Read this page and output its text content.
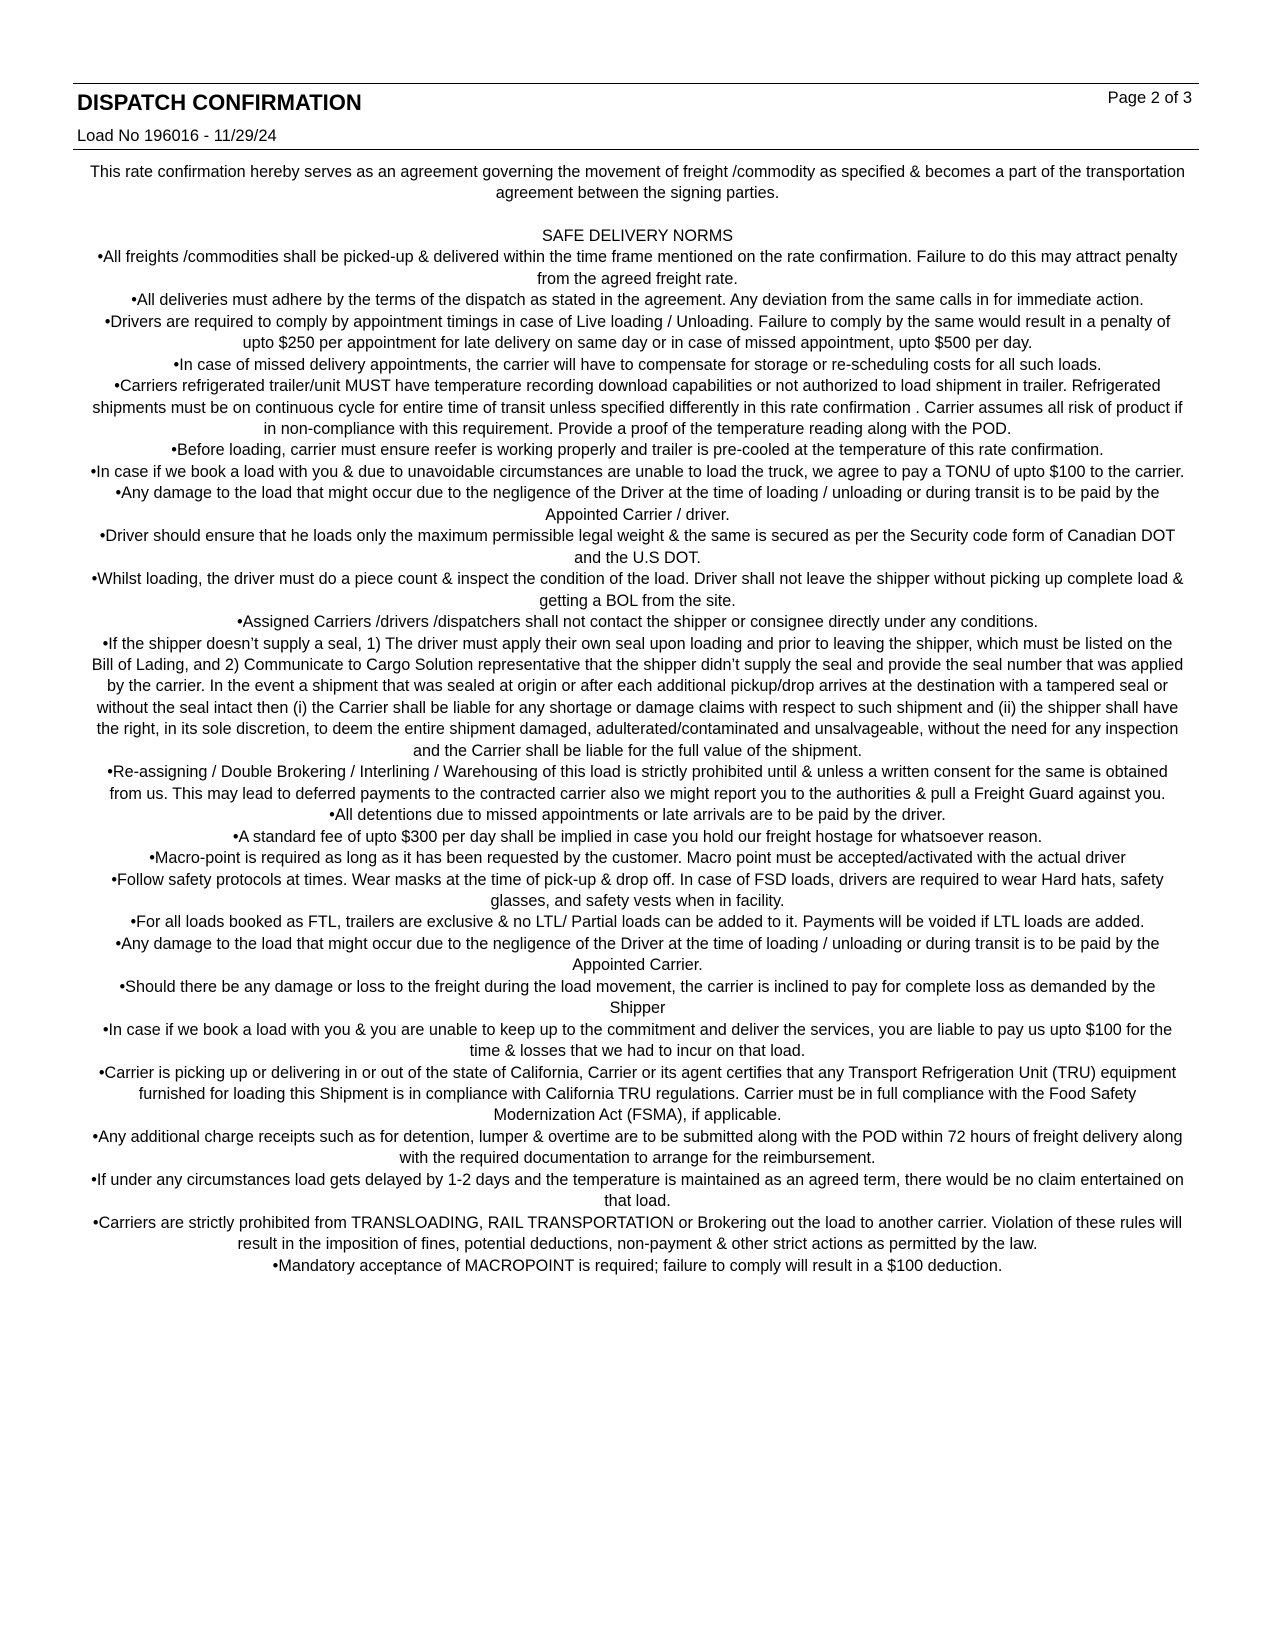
DISPATCH CONFIRMATION	Page 2 of 3
Load No 196016 - 11/29/24

This rate confirmation hereby serves as an agreement governing the movement of freight /commodity as specified & becomes a part of the transportation agreement between the signing parties.

SAFE DELIVERY NORMS

•All freights /commodities shall be picked-up & delivered within the time frame mentioned on the rate confirmation. Failure to do this may attract penalty from the agreed freight rate.

•All deliveries must adhere by the terms of the dispatch as stated in the agreement. Any deviation from the same calls in for immediate action.

•Drivers are required to comply by appointment timings in case of Live loading / Unloading. Failure to comply by the same would result in a penalty of upto $250 per appointment for late delivery on same day or in case of missed appointment, upto $500 per day.

•In case of missed delivery appointments, the carrier will have to compensate for storage or re-scheduling costs for all such loads.

•Carriers refrigerated trailer/unit MUST have temperature recording download capabilities or not authorized to load shipment in trailer. Refrigerated shipments must be on continuous cycle for entire time of transit unless specified differently in this rate confirmation . Carrier assumes all risk of product if in non-compliance with this requirement. Provide a proof of the temperature reading along with the POD.

•Before loading, carrier must ensure reefer is working properly and trailer is pre-cooled at the temperature of this rate confirmation.

•In case if we book a load with you & due to unavoidable circumstances are unable to load the truck, we agree to pay a TONU of upto $100 to the carrier.

•Any damage to the load that might occur due to the negligence of the Driver at the time of loading / unloading or during transit is to be paid by the Appointed Carrier / driver.

•Driver should ensure that he loads only the maximum permissible legal weight & the same is secured as per the Security code form of Canadian DOT and the U.S DOT.

•Whilst loading, the driver must do a piece count & inspect the condition of the load. Driver shall not leave the shipper without picking up complete load & getting a BOL from the site.

•Assigned Carriers /drivers /dispatchers shall not contact the shipper or consignee directly under any conditions.

•If the shipper doesn’t supply a seal, 1) The driver must apply their own seal upon loading and prior to leaving the shipper, which must be listed on the Bill of Lading, and 2) Communicate to Cargo Solution representative that the shipper didn’t supply the seal and provide the seal number that was applied by the carrier. In the event a shipment that was sealed at origin or after each additional pickup/drop arrives at the destination with a tampered seal or without the seal intact then (i) the Carrier shall be liable for any shortage or damage claims with respect to such shipment and (ii) the shipper shall have the right, in its sole discretion, to deem the entire shipment damaged, adulterated/contaminated and unsalvageable, without the need for any inspection and the Carrier shall be liable for the full value of the shipment.

•Re-assigning / Double Brokering / Interlining / Warehousing of this load is strictly prohibited until & unless a written consent for the same is obtained from us. This may lead to deferred payments to the contracted carrier also we might report you to the authorities & pull a Freight Guard against you.

•All detentions due to missed appointments or late arrivals are to be paid by the driver.

•A standard fee of upto $300 per day shall be implied in case you hold our freight hostage for whatsoever reason.

•Macro-point is required as long as it has been requested by the customer. Macro point must be accepted/activated with the actual driver

•Follow safety protocols at times. Wear masks at the time of pick-up & drop off. In case of FSD loads, drivers are required to wear Hard hats, safety glasses, and safety vests when in facility.

•For all loads booked as FTL, trailers are exclusive & no LTL/ Partial loads can be added to it. Payments will be voided if LTL loads are added.

•Any damage to the load that might occur due to the negligence of the Driver at the time of loading / unloading or during transit is to be paid by the Appointed Carrier.

•Should there be any damage or loss to the freight during the load movement, the carrier is inclined to pay for complete loss as demanded by the Shipper

•In case if we book a load with you & you are unable to keep up to the commitment and deliver the services, you are liable to pay us upto $100 for the time & losses that we had to incur on that load.

•Carrier is picking up or delivering in or out of the state of California, Carrier or its agent certifies that any Transport Refrigeration Unit (TRU) equipment furnished for loading this Shipment is in compliance with California TRU regulations. Carrier must be in full compliance with the Food Safety Modernization Act (FSMA), if applicable.

•Any additional charge receipts such as for detention, lumper & overtime are to be submitted along with the POD within 72 hours of freight delivery along with the required documentation to arrange for the reimbursement.

•If under any circumstances load gets delayed by 1-2 days and the temperature is maintained as an agreed term, there would be no claim entertained on that load.

•Carriers are strictly prohibited from TRANSLOADING, RAIL TRANSPORTATION or Brokering out the load to another carrier. Violation of these rules will result in the imposition of fines, potential deductions, non-payment & other strict actions as permitted by the law.

•Mandatory acceptance of MACROPOINT is required; failure to comply will result in a $100 deduction.
